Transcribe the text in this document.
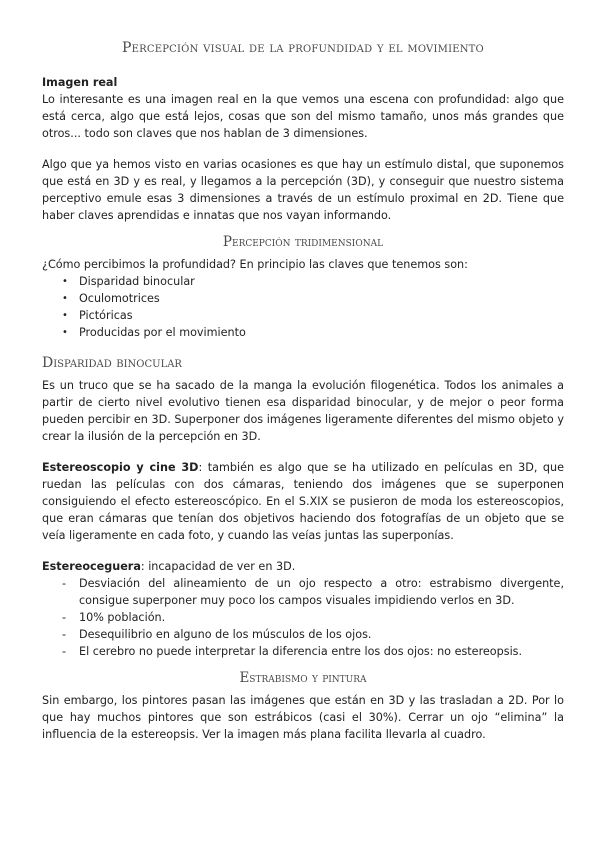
Percepción visual de la profundidad y el movimiento

Imagen real

Lo interesante es una imagen real en la que vemos una escena con profundidad: algo que está cerca, algo que está lejos, cosas que son del mismo tamaño, unos más grandes que otros... todo son claves que nos hablan de 3 dimensiones.

Algo que ya hemos visto en varias ocasiones es que hay un estímulo distal, que suponemos que está en 3D y es real, y llegamos a la percepción (3D), y conseguir que nuestro sistema perceptivo emule esas 3 dimensiones a través de un estímulo proximal en 2D. Tiene que haber claves aprendidas e innatas que nos vayan informando.

Percepción tridimensional

¿Cómo percibimos la profundidad? En principio las claves que tenemos son:

• Disparidad binocular
• Oculomotrices
• Pictóricas
• Producidas por el movimiento
Disparidad binocular

Es un truco que se ha sacado de la manga la evolución filogenética. Todos los animales a partir de cierto nivel evolutivo tienen esa disparidad binocular, y de mejor o peor forma pueden percibir en 3D. Superponer dos imágenes ligeramente diferentes del mismo objeto y crear la ilusión de la percepción en 3D.

Estereoscopio y cine 3D: también es algo que se ha utilizado en películas en 3D, que ruedan las películas con dos cámaras, teniendo dos imágenes que se superponen consiguiendo el efecto estereoscópico. En el S.XIX se pusieron de moda los estereoscopios, que eran cámaras que tenían dos objetivos haciendo dos fotografías de un objeto que se veía ligeramente en cada foto, y cuando las veías juntas las superponías.

Estereoceguera: incapacidad de ver en 3D.

- Desviación del alineamiento de un ojo respecto a otro: estrabismo divergente, consigue superponer muy poco los campos visuales impidiendo verlos en 3D.
- 10% población.
- Desequilibrio en alguno de los músculos de los ojos.
- El cerebro no puede interpretar la diferencia entre los dos ojos: no estereopsis.
Estrabismo y pintura

Sin embargo, los pintores pasan las imágenes que están en 3D y las trasladan a 2D. Por lo que hay muchos pintores que son estrábicos (casi el 30%). Cerrar un ojo “elimina” la influencia de la estereopsis. Ver la imagen más plana facilita llevarla al cuadro.
